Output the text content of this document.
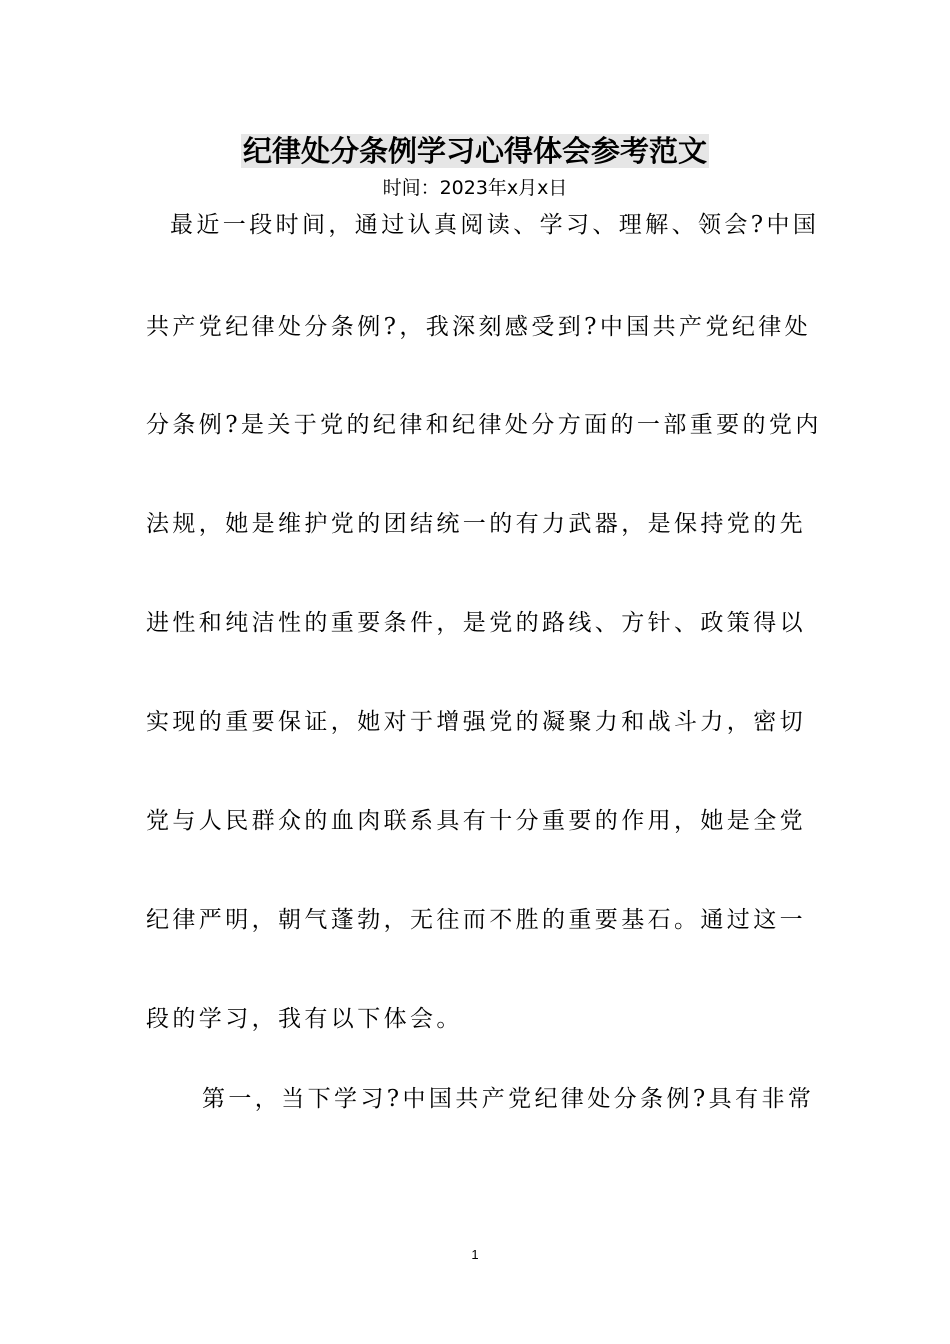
纪律处分条例学习心得体会参考范文
时间：2023年x月x日
最近一段时间，通过认真阅读、学习、理解、领会?中国
共产党纪律处分条例?，我深刻感受到?中国共产党纪律处
分条例?是关于党的纪律和纪律处分方面的一部重要的党内
法规，她是维护党的团结统一的有力武器，是保持党的先
进性和纯洁性的重要条件，是党的路线、方针、政策得以
实现的重要保证，她对于增强党的凝聚力和战斗力，密切
党与人民群众的血肉联系具有十分重要的作用，她是全党
纪律严明，朝气蓬勃，无往而不胜的重要基石。通过这一
段的学习，我有以下体会。
第一，当下学习?中国共产党纪律处分条例?具有非常
1
